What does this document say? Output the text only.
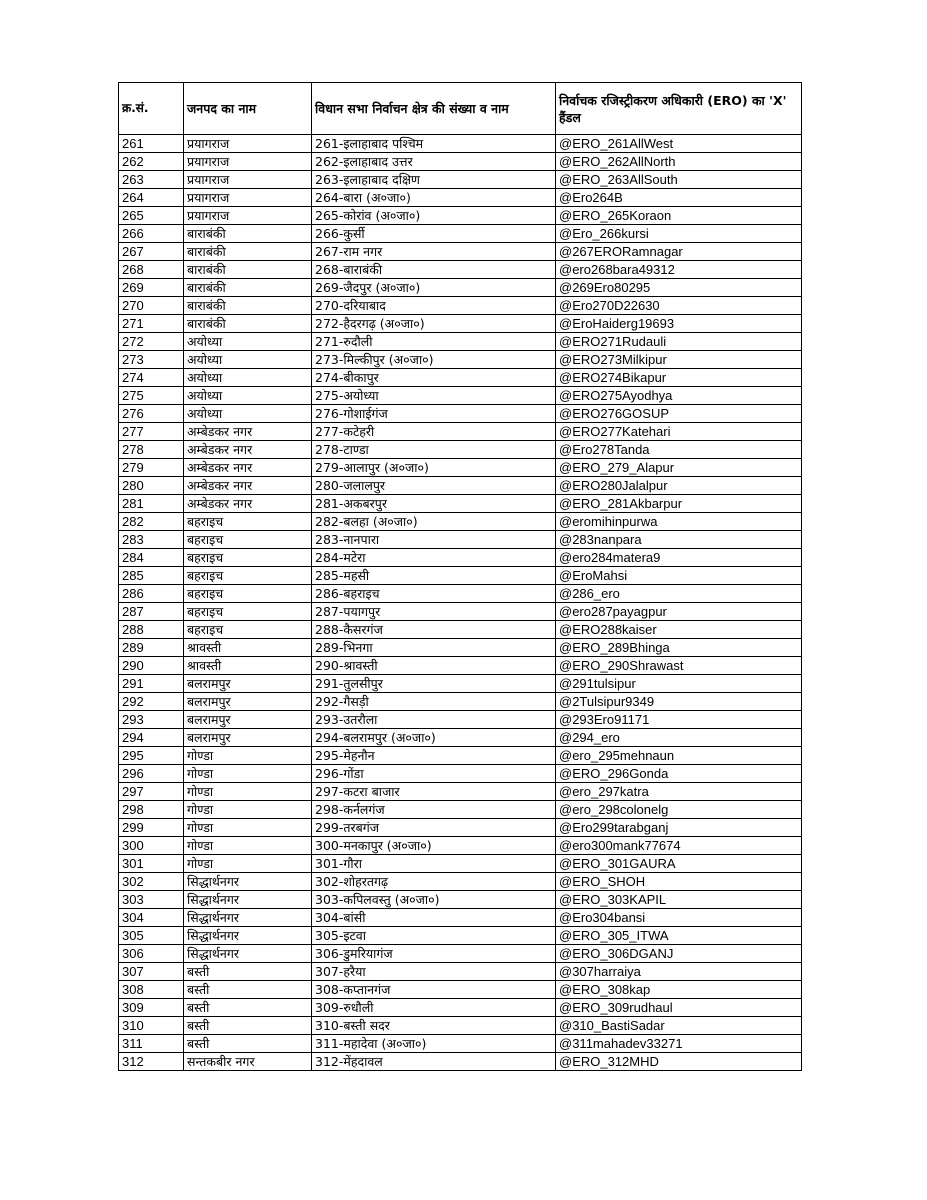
क्र.सं.	जनपद का नाम	विधान सभा निर्वाचन क्षेत्र की संख्या व नाम	निर्वाचक रजिस्ट्रीकरण अधिकारी (ERO) का 'X' हैंडल
261	प्रयागराज	261-इलाहाबाद पश्चिम	@ERO_261AllWest
262	प्रयागराज	262-इलाहाबाद उत्तर	@ERO_262AllNorth
263	प्रयागराज	263-इलाहाबाद दक्षिण	@ERO_263AllSouth
264	प्रयागराज	264-बारा (अ०जा०)	@Ero264B
265	प्रयागराज	265-कोरांव (अ०जा०)	@ERO_265Koraon
266	बाराबंकी	266-कुर्सी	@Ero_266kursi
267	बाराबंकी	267-राम नगर	@267ERORamnagar
268	बाराबंकी	268-बाराबंकी	@ero268bara49312
269	बाराबंकी	269-जैदपुर (अ०जा०)	@269Ero80295
270	बाराबंकी	270-दरियाबाद	@Ero270D22630
271	बाराबंकी	272-हैदरगढ़ (अ०जा०)	@EroHaiderg19693
272	अयोध्या	271-रुदौली	@ERO271Rudauli
273	अयोध्या	273-मिल्कीपुर (अ०जा०)	@ERO273Milkipur
274	अयोध्या	274-बीकापुर	@ERO274Bikapur
275	अयोध्या	275-अयोध्या	@ERO275Ayodhya
276	अयोध्या	276-गोशाईगंज	@ERO276GOSUP
277	अम्बेडकर नगर	277-कटेहरी	@ERO277Katehari
278	अम्बेडकर नगर	278-टाण्डा	@Ero278Tanda
279	अम्बेडकर नगर	279-आलापुर (अ०जा०)	@ERO_279_Alapur
280	अम्बेडकर नगर	280-जलालपुर	@ERO280Jalalpur
281	अम्बेडकर नगर	281-अकबरपुर	@ERO_281Akbarpur
282	बहराइच	282-बलहा (अ०जा०)	@eromihinpurwa
283	बहराइच	283-नानपारा	@283nanpara
284	बहराइच	284-मटेरा	@ero284matera9
285	बहराइच	285-महसी	@EroMahsi
286	बहराइच	286-बहराइच	@286_ero
287	बहराइच	287-पयागपुर	@ero287payagpur
288	बहराइच	288-कैसरगंज	@ERO288kaiser
289	श्रावस्ती	289-भिनगा	@ERO_289Bhinga
290	श्रावस्ती	290-श्रावस्ती	@ERO_290Shrawast
291	बलरामपुर	291-तुलसीपुर	@291tulsipur
292	बलरामपुर	292-गैसड़ी	@2Tulsipur9349
293	बलरामपुर	293-उतरौला	@293Ero91171
294	बलरामपुर	294-बलरामपुर (अ०जा०)	@294_ero
295	गोण्डा	295-मेहनौन	@ero_295mehnaun
296	गोण्डा	296-गोंडा	@ERO_296Gonda
297	गोण्डा	297-कटरा बाजार	@ero_297katra
298	गोण्डा	298-कर्नलगंज	@ero_298colonelg
299	गोण्डा	299-तरबगंज	@Ero299tarabganj
300	गोण्डा	300-मनकापुर (अ०जा०)	@ero300mank77674
301	गोण्डा	301-गौरा	@ERO_301GAURA
302	सिद्धार्थनगर	302-शोहरतगढ़	@ERO_SHOH
303	सिद्धार्थनगर	303-कपिलवस्तु (अ०जा०)	@ERO_303KAPIL
304	सिद्धार्थनगर	304-बांसी	@Ero304bansi
305	सिद्धार्थनगर	305-इटवा	@ERO_305_ITWA
306	सिद्धार्थनगर	306-डुमरियागंज	@ERO_306DGANJ
307	बस्ती	307-हरैया	@307harraiya
308	बस्ती	308-कप्तानगंज	@ERO_308kap
309	बस्ती	309-रुधौली	@ERO_309rudhaul
310	बस्ती	310-बस्ती सदर	@310_BastiSadar
311	बस्ती	311-महादेवा (अ०जा०)	@311mahadev33271
312	सन्तकबीर नगर	312-मेंहदावल	@ERO_312MHD
